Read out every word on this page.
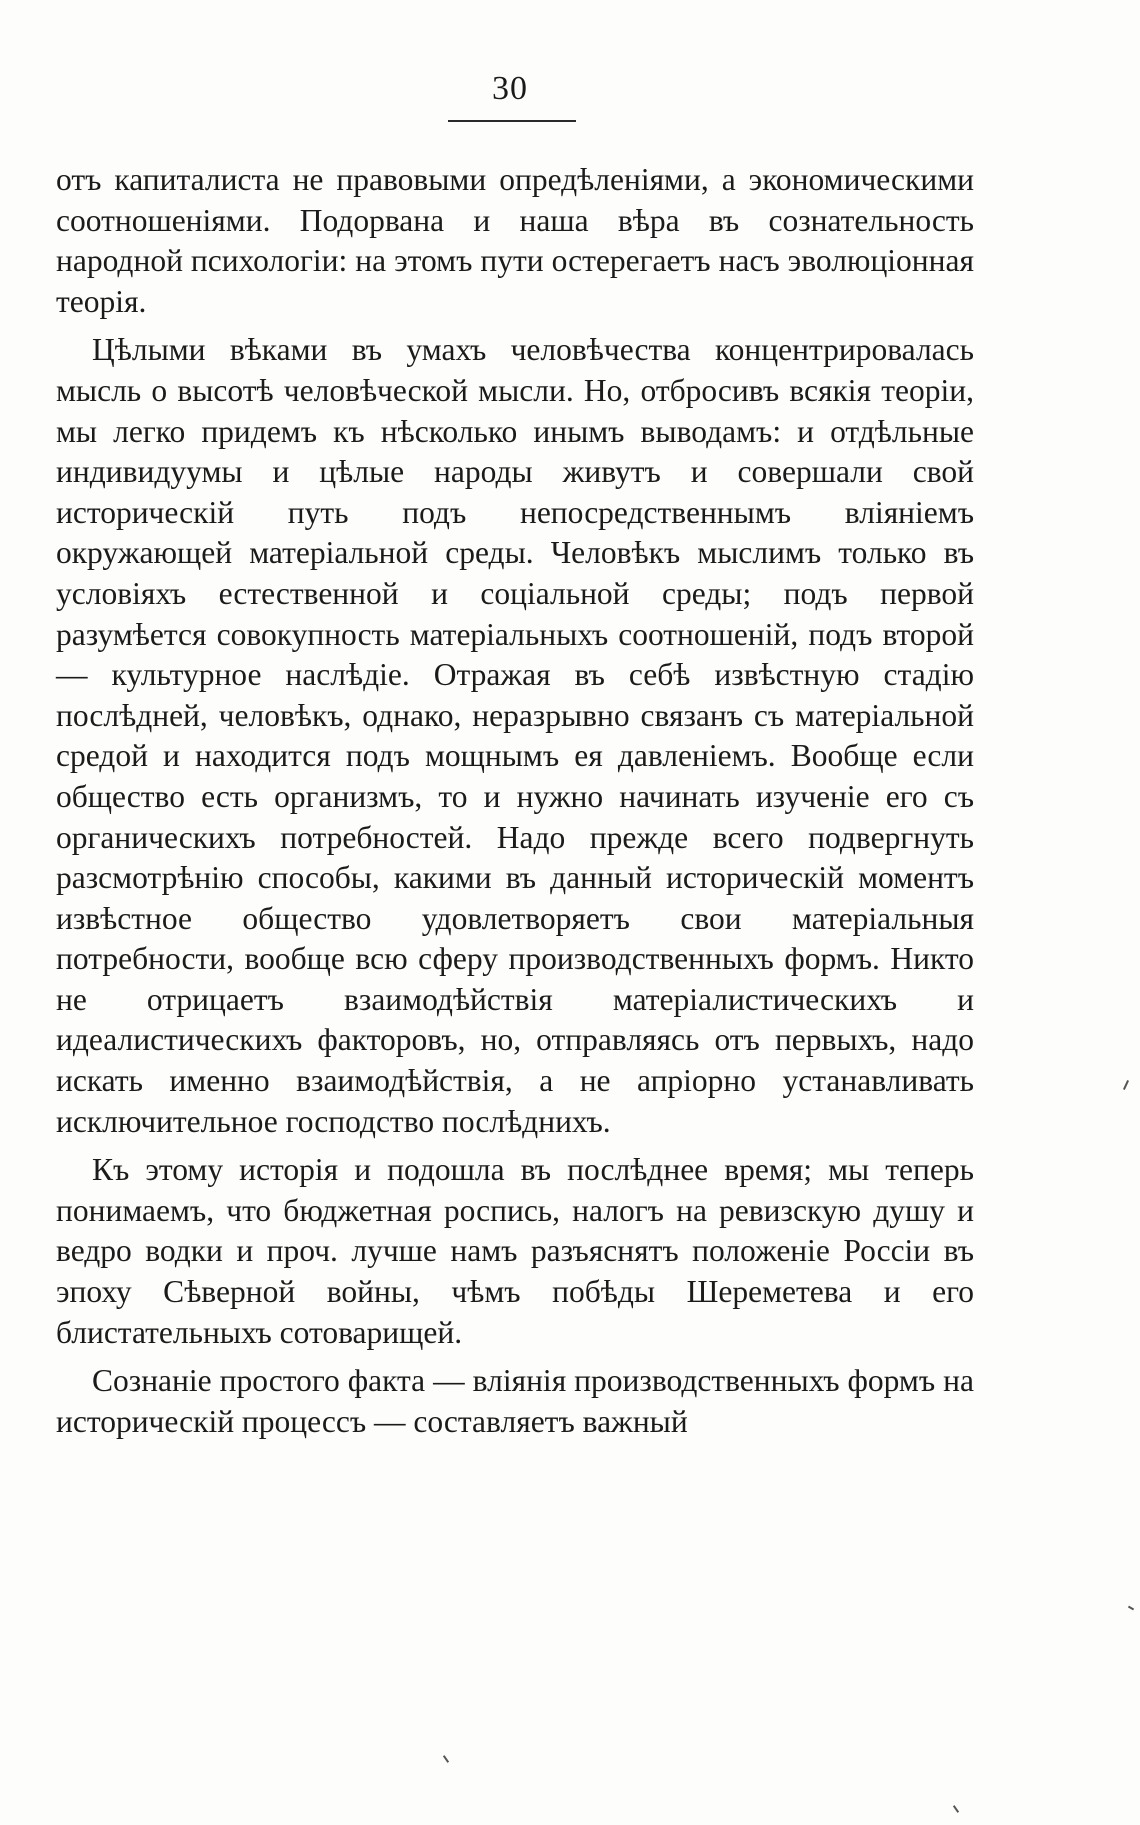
30

отъ капиталиста не правовыми опредѣленіями, а экономическими соотношеніями. Подорвана и наша вѣра въ сознательность народной психологіи: на этомъ пути остерегаетъ насъ эволюціонная теорія.

Цѣлыми вѣками въ умахъ человѣчества концентрировалась мысль о высотѣ человѣческой мысли. Но, отбросивъ всякія теоріи, мы легко придемъ къ нѣсколько инымъ выводамъ: и отдѣльные индивидуумы и цѣлые народы живутъ и совершали свой историческій путь подъ непосредственнымъ вліяніемъ окружающей матеріальной среды. Человѣкъ мыслимъ только въ условіяхъ естественной и соціальной среды; подъ первой разумѣется совокупность матеріальныхъ соотношеній, подъ второй — культурное наслѣдіе. Отражая въ себѣ извѣстную стадію послѣдней, человѣкъ, однако, неразрывно связанъ съ матеріальной средой и находится подъ мощнымъ ея давленіемъ. Вообще если общество есть организмъ, то и нужно начинать изученіе его съ органическихъ потребностей. Надо прежде всего подвергнуть разсмотрѣнію способы, какими въ данный историческій моментъ извѣстное общество удовлетворяетъ свои матеріальныя потребности, вообще всю сферу производственныхъ формъ. Никто не отрицаетъ взаимодѣйствія матеріалистическихъ и идеалистическихъ факторовъ, но, отправляясь отъ первыхъ, надо искать именно взаимодѣйствія, а не апріорно устанавливать исключительное господство послѣднихъ.

Къ этому исторія и подошла въ послѣднее время; мы теперь понимаемъ, что бюджетная роспись, налогъ на ревизскую душу и ведро водки и проч. лучше намъ разъяснятъ положеніе Россіи въ эпоху Сѣверной войны, чѣмъ побѣды Шереметева и его блистательныхъ сотоварищей.

Сознаніе простого факта — вліянія производственныхъ формъ на историческій процессъ — составляетъ важный
